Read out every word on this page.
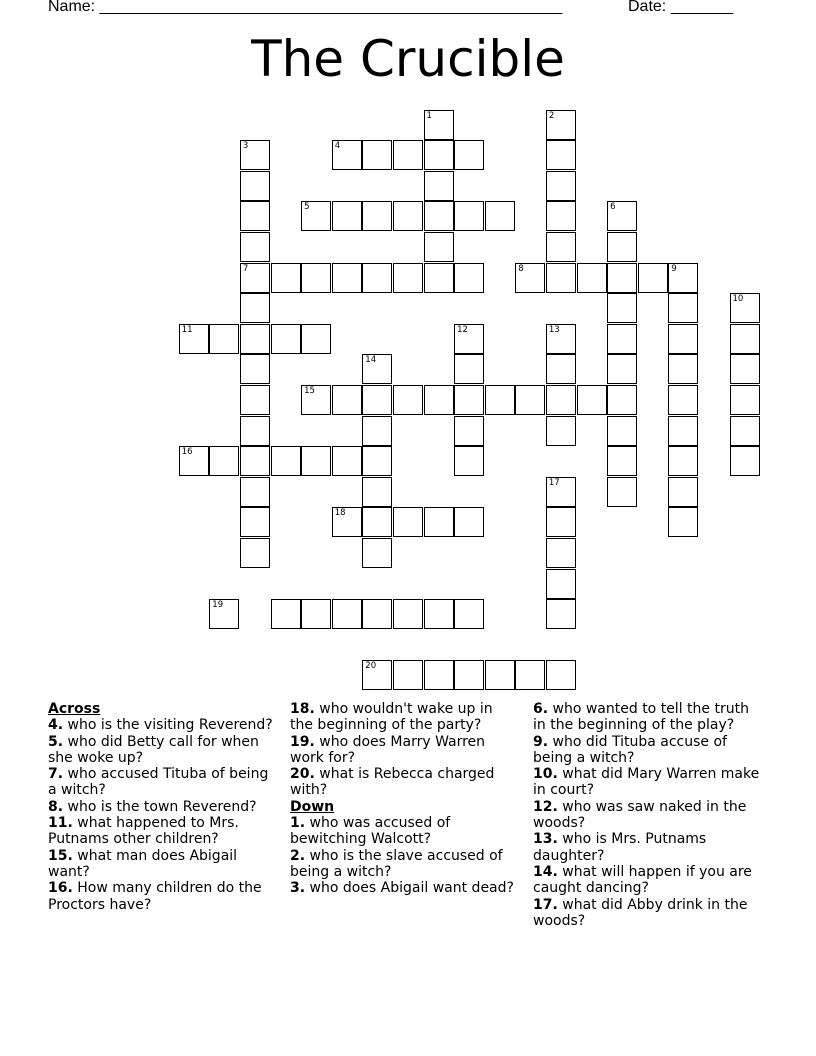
Name: ____________________________________________________	Date: _______
The Crucible
1	2
3	4
5	6
7	8	9
10
11	12	13
14
15
16
17
18
19
20
Across
4. who is the visiting Reverend?
5. who did Betty call for when she woke up?
7. who accused Tituba of being a witch?
8. who is the town Reverend?
11. what happened to Mrs. Putnams other children?
15. what man does Abigail want?
16. How many children do the Proctors have?
18. who wouldn't wake up in the beginning of the party?
19. who does Marry Warren work for?
20. what is Rebecca charged with?
Down
1. who was accused of bewitching Walcott?
2. who is the slave accused of being a witch?
3. who does Abigail want dead?
6. who wanted to tell the truth in the beginning of the play?
9. who did Tituba accuse of being a witch?
10. what did Mary Warren make in court?
12. who was saw naked in the woods?
13. who is Mrs. Putnams daughter?
14. what will happen if you are caught dancing?
17. what did Abby drink in the woods?
